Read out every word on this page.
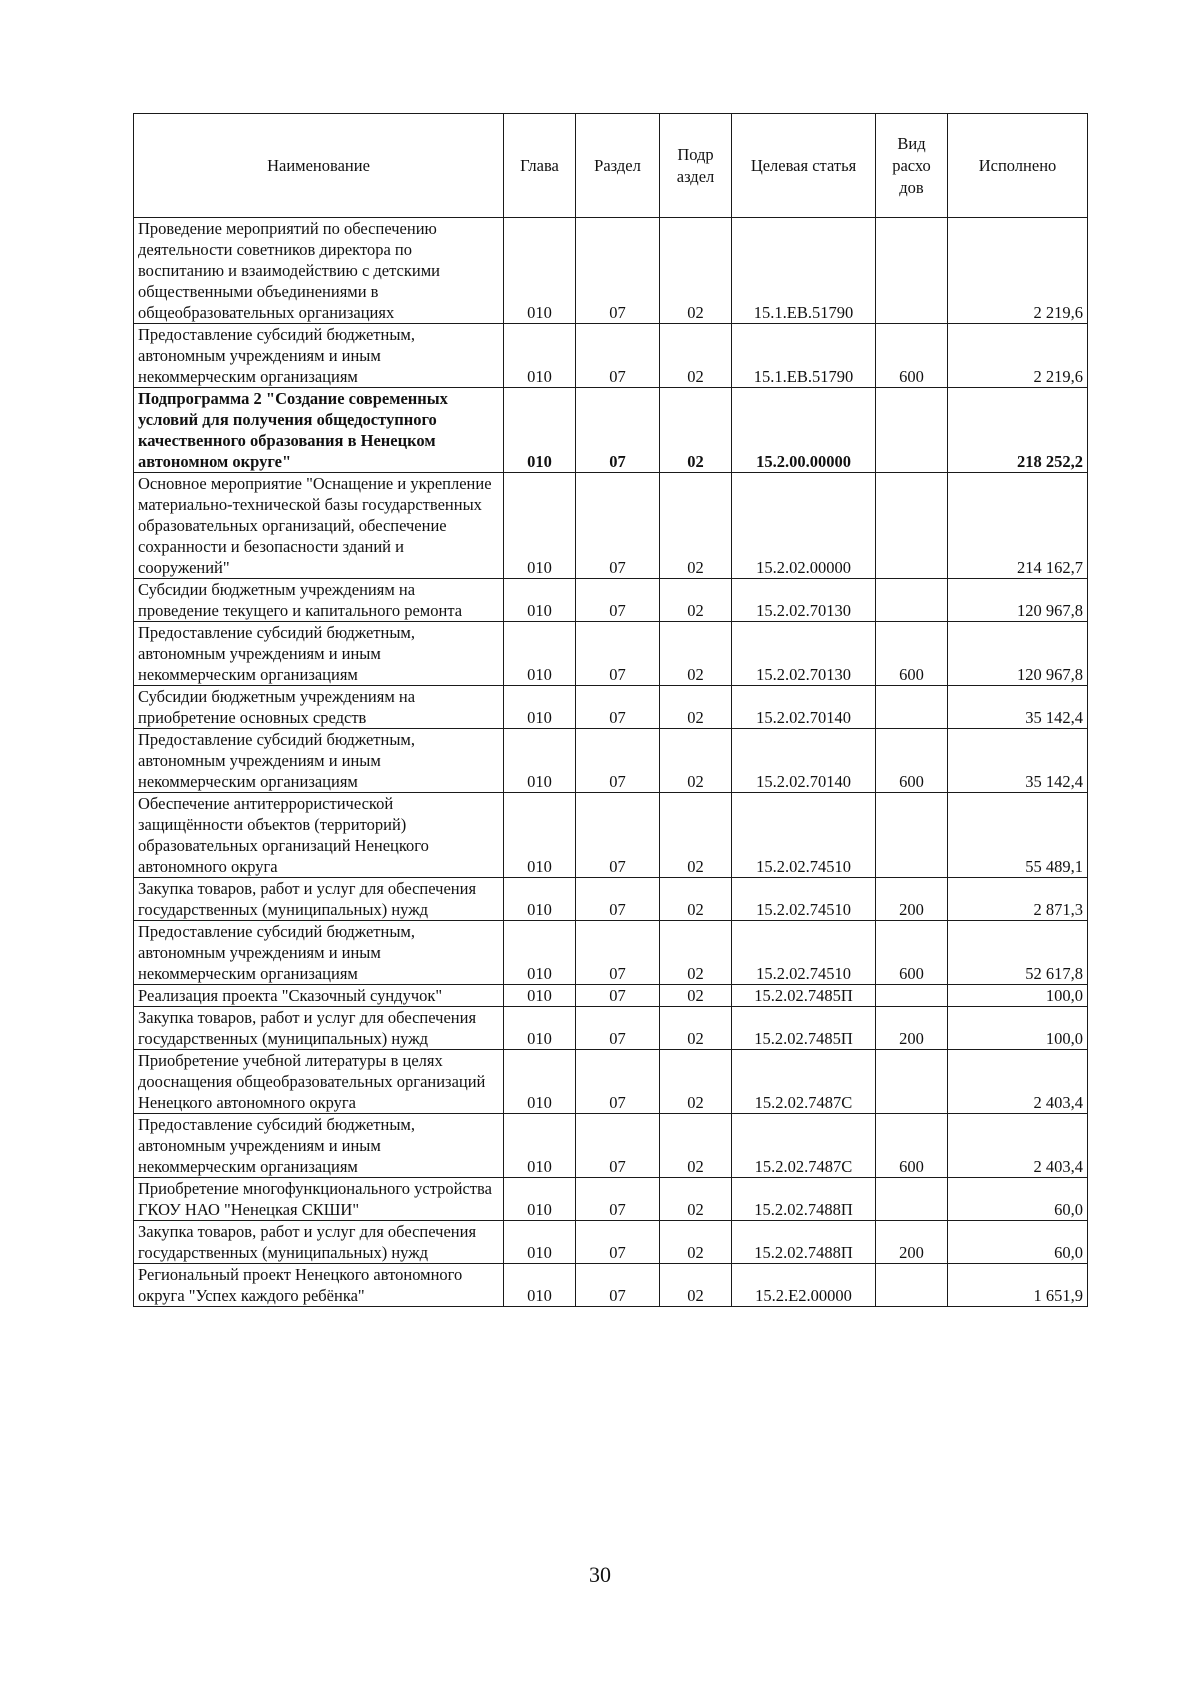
Наименование	Глава	Раздел	Подр аздел	Целевая статья	Вид расхо дов	Исполнено
Проведение мероприятий по обеспечению деятельности советников директора по воспитанию и взаимодействию с детскими общественными объединениями в общеобразовательных организациях	010	07	02	15.1.ЕВ.51790		2 219,6
Предоставление субсидий бюджетным, автономным учреждениям и иным некоммерческим организациям	010	07	02	15.1.ЕВ.51790	600	2 219,6
Подпрограмма 2 "Создание современных условий для получения общедоступного качественного образования в Ненецком автономном округе"	010	07	02	15.2.00.00000		218 252,2
Основное мероприятие "Оснащение и укрепление материально-технической базы государственных образовательных организаций, обеспечение сохранности и безопасности зданий и сооружений"	010	07	02	15.2.02.00000		214 162,7
Субсидии бюджетным учреждениям на проведение текущего и капитального ремонта	010	07	02	15.2.02.70130		120 967,8
Предоставление субсидий бюджетным, автономным учреждениям и иным некоммерческим организациям	010	07	02	15.2.02.70130	600	120 967,8
Субсидии бюджетным учреждениям на приобретение основных средств	010	07	02	15.2.02.70140		35 142,4
Предоставление субсидий бюджетным, автономным учреждениям и иным некоммерческим организациям	010	07	02	15.2.02.70140	600	35 142,4
Обеспечение антитеррористической защищённости объектов (территорий) образовательных организаций Ненецкого автономного округа	010	07	02	15.2.02.74510		55 489,1
Закупка товаров, работ и услуг для обеспечения государственных (муниципальных) нужд	010	07	02	15.2.02.74510	200	2 871,3
Предоставление субсидий бюджетным, автономным учреждениям и иным некоммерческим организациям	010	07	02	15.2.02.74510	600	52 617,8
Реализация проекта "Сказочный сундучок"	010	07	02	15.2.02.7485П		100,0
Закупка товаров, работ и услуг для обеспечения государственных (муниципальных) нужд	010	07	02	15.2.02.7485П	200	100,0
Приобретение учебной литературы в целях дооснащения общеобразовательных организаций Ненецкого автономного округа	010	07	02	15.2.02.7487С		2 403,4
Предоставление субсидий бюджетным, автономным учреждениям и иным некоммерческим организациям	010	07	02	15.2.02.7487С	600	2 403,4
Приобретение многофункционального устройства ГКОУ НАО "Ненецкая СКШИ"	010	07	02	15.2.02.7488П		60,0
Закупка товаров, работ и услуг для обеспечения государственных (муниципальных) нужд	010	07	02	15.2.02.7488П	200	60,0
Региональный проект Ненецкого автономного округа "Успех каждого ребёнка"	010	07	02	15.2.Е2.00000		1 651,9
30
